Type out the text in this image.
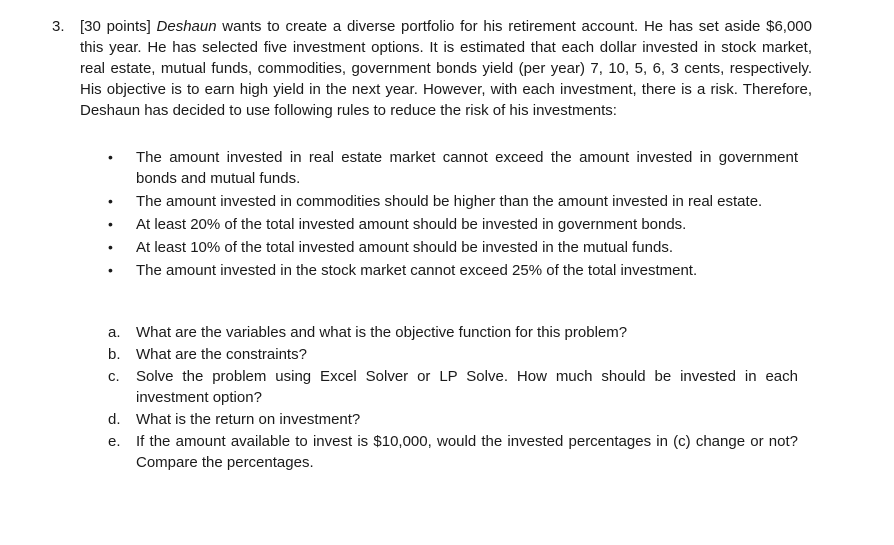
3.	[30 points] Deshaun wants to create a diverse portfolio for his retirement account. He has set aside $6,000 this year. He has selected five investment options. It is estimated that each dollar invested in stock market, real estate, mutual funds, commodities, government bonds yield (per year) 7, 10, 5, 6, 3 cents, respectively. His objective is to earn high yield in the next year. However, with each investment, there is a risk. Therefore, Deshaun has decided to use following rules to reduce the risk of his investments:
•	The amount invested in real estate market cannot exceed the amount invested in government bonds and mutual funds.
•	The amount invested in commodities should be higher than the amount invested in real estate.
•	At least 20% of the total invested amount should be invested in government bonds.
•	At least 10% of the total invested amount should be invested in the mutual funds.
•	The amount invested in the stock market cannot exceed 25% of the total investment.
a.	What are the variables and what is the objective function for this problem?
b.	What are the constraints?
c.	Solve the problem using Excel Solver or LP Solve. How much should be invested in each investment option?
d.	What is the return on investment?
e.	If the amount available to invest is $10,000, would the invested percentages in (c) change or not? Compare the percentages.
